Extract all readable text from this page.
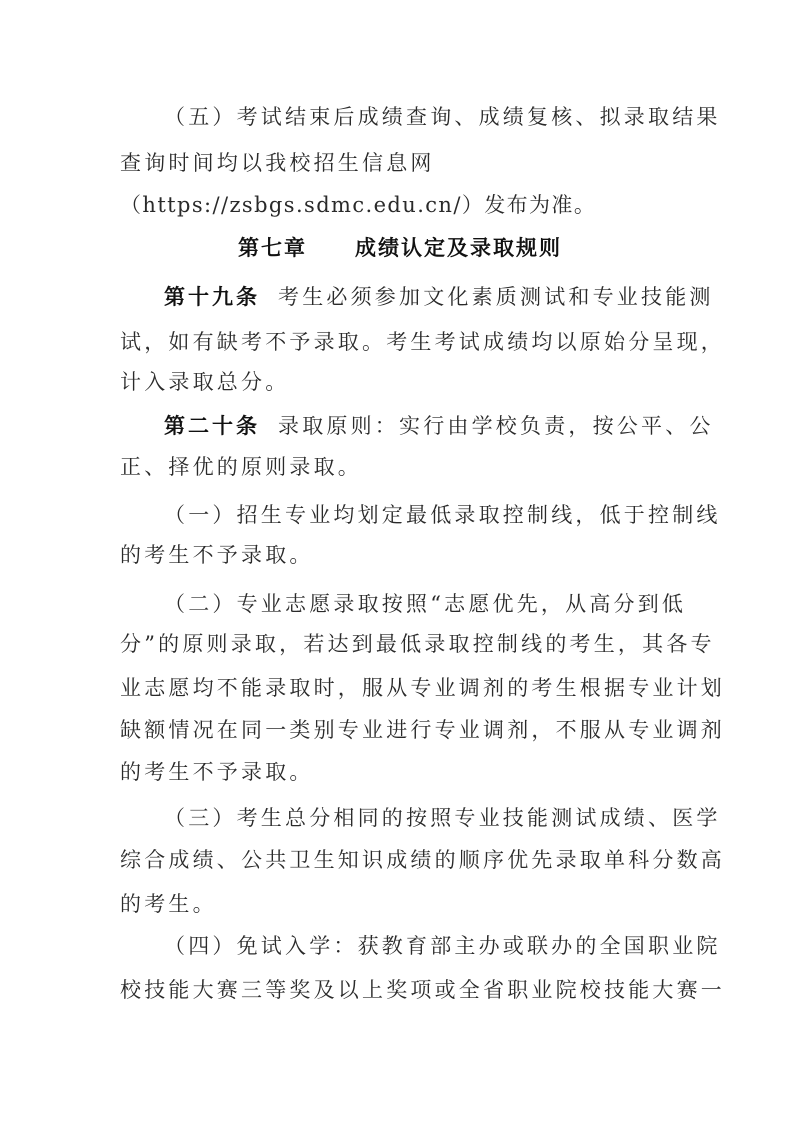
（五）考试结束后成绩查询、成绩复核、拟录取结果
查询时间均以我校招生信息网
（https://zsbgs.sdmc.edu.cn/）发布为准。
第七章 成绩认定及录取规则
第十九条 考生必须参加文化素质测试和专业技能测
试，如有缺考不予录取。考生考试成绩均以原始分呈现，
计入录取总分。
第二十条 录取原则：实行由学校负责，按公平、公
正、择优的原则录取。
（一）招生专业均划定最低录取控制线，低于控制线
的考生不予录取。
（二）专业志愿录取按照“志愿优先，从高分到低
分”的原则录取，若达到最低录取控制线的考生，其各专
业志愿均不能录取时，服从专业调剂的考生根据专业计划
缺额情况在同一类别专业进行专业调剂，不服从专业调剂
的考生不予录取。
（三）考生总分相同的按照专业技能测试成绩、医学
综合成绩、公共卫生知识成绩的顺序优先录取单科分数高
的考生。
（四）免试入学：获教育部主办或联办的全国职业院
校技能大赛三等奖及以上奖项或全省职业院校技能大赛一
